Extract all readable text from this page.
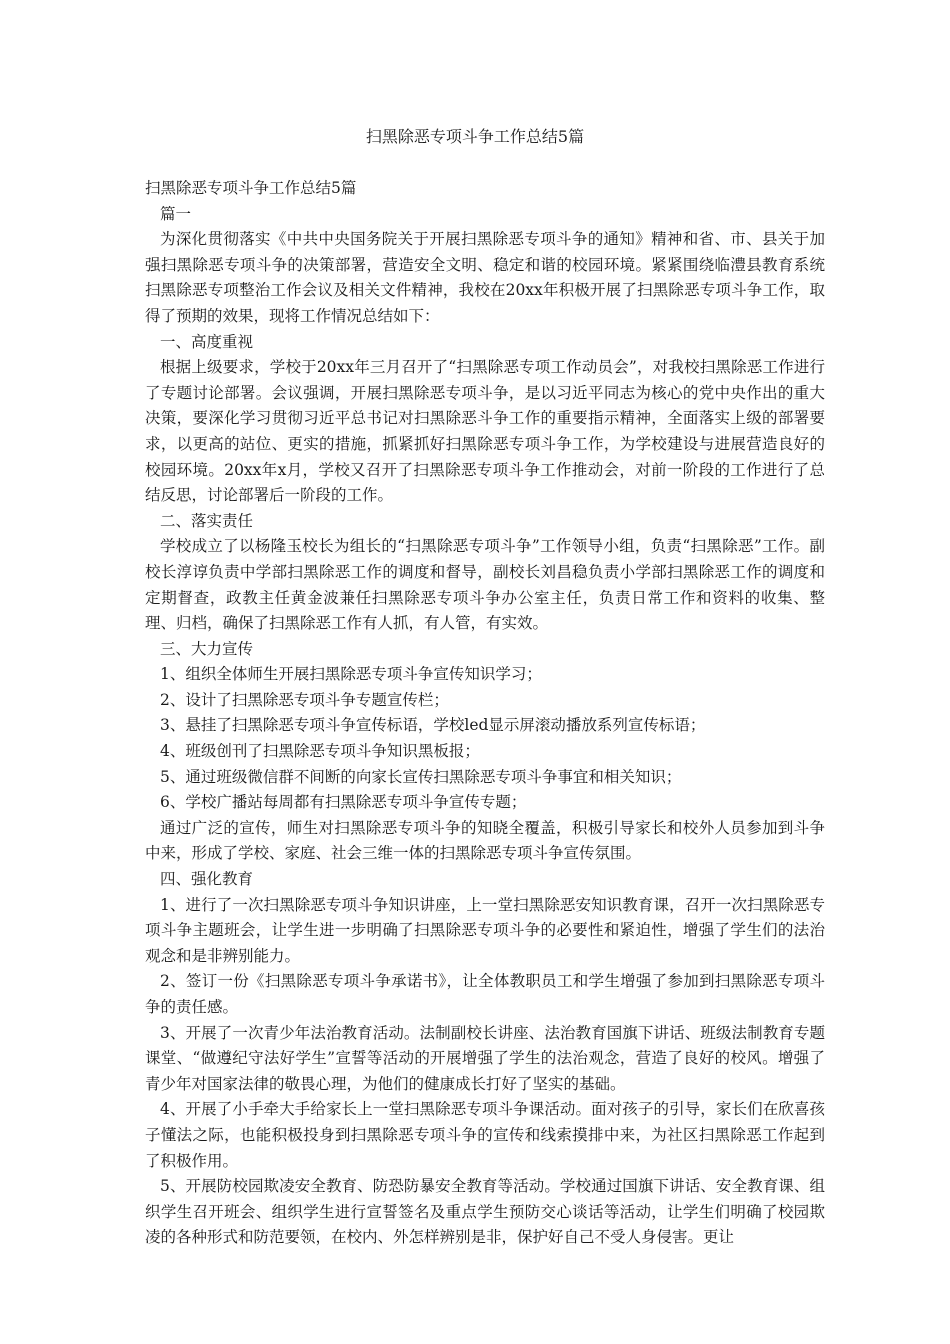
扫黑除恶专项斗争工作总结5篇

扫黑除恶专项斗争工作总结5篇

篇一

为深化贯彻落实《中共中央国务院关于开展扫黑除恶专项斗争的通知》精神和省、市、县关于加强扫黑除恶专项斗争的决策部署，营造安全文明、稳定和谐的校园环境。紧紧围绕临澧县教育系统扫黑除恶专项整治工作会议及相关文件精神，我校在20xx年积极开展了扫黑除恶专项斗争工作，取得了预期的效果，现将工作情况总结如下：

一、高度重视

根据上级要求，学校于20xx年三月召开了“扫黑除恶专项工作动员会”，对我校扫黑除恶工作进行了专题讨论部署。会议强调，开展扫黑除恶专项斗争，是以习近平同志为核心的党中央作出的重大决策，要深化学习贯彻习近平总书记对扫黑除恶斗争工作的重要指示精神，全面落实上级的部署要求，以更高的站位、更实的措施，抓紧抓好扫黑除恶专项斗争工作，为学校建设与进展营造良好的校园环境。20xx年x月，学校又召开了扫黑除恶专项斗争工作推动会，对前一阶段的工作进行了总结反思，讨论部署后一阶段的工作。

二、落实责任

学校成立了以杨隆玉校长为组长的“扫黑除恶专项斗争”工作领导小组，负责“扫黑除恶”工作。副校长淳谆负责中学部扫黑除恶工作的调度和督导，副校长刘昌稳负责小学部扫黑除恶工作的调度和定期督查，政教主任黄金波兼任扫黑除恶专项斗争办公室主任，负责日常工作和资料的收集、整理、归档，确保了扫黑除恶工作有人抓，有人管，有实效。

三、大力宣传

1、组织全体师生开展扫黑除恶专项斗争宣传知识学习；

2、设计了扫黑除恶专项斗争专题宣传栏；

3、悬挂了扫黑除恶专项斗争宣传标语，学校led显示屏滚动播放系列宣传标语；

4、班级创刊了扫黑除恶专项斗争知识黑板报；

5、通过班级微信群不间断的向家长宣传扫黑除恶专项斗争事宜和相关知识；

6、学校广播站每周都有扫黑除恶专项斗争宣传专题；

通过广泛的宣传，师生对扫黑除恶专项斗争的知晓全覆盖，积极引导家长和校外人员参加到斗争中来，形成了学校、家庭、社会三维一体的扫黑除恶专项斗争宣传氛围。

四、强化教育

1、进行了一次扫黑除恶专项斗争知识讲座，上一堂扫黑除恶安知识教育课，召开一次扫黑除恶专项斗争主题班会，让学生进一步明确了扫黑除恶专项斗争的必要性和紧迫性，增强了学生们的法治观念和是非辨别能力。

2、签订一份《扫黑除恶专项斗争承诺书》，让全体教职员工和学生增强了参加到扫黑除恶专项斗争的责任感。

3、开展了一次青少年法治教育活动。法制副校长讲座、法治教育国旗下讲话、班级法制教育专题课堂、“做遵纪守法好学生”宣誓等活动的开展增强了学生的法治观念，营造了良好的校风。增强了青少年对国家法律的敬畏心理，为他们的健康成长打好了坚实的基础。

4、开展了小手牵大手给家长上一堂扫黑除恶专项斗争课活动。面对孩子的引导，家长们在欣喜孩子懂法之际，也能积极投身到扫黑除恶专项斗争的宣传和线索摸排中来，为社区扫黑除恶工作起到了积极作用。

5、开展防校园欺凌安全教育、防恐防暴安全教育等活动。学校通过国旗下讲话、安全教育课、组织学生召开班会、组织学生进行宣誓签名及重点学生预防交心谈话等活动，让学生们明确了校园欺凌的各种形式和防范要领，在校内、外怎样辨别是非，保护好自己不受人身侵害。更让
